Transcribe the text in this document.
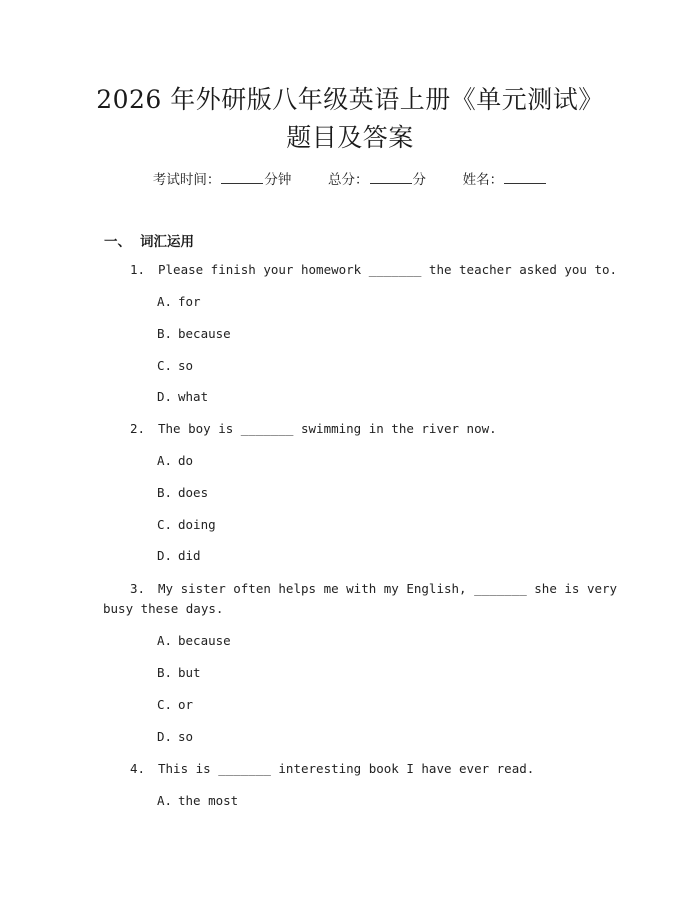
2026 年外研版八年级英语上册《单元测试》
题目及答案
考试时间：	分钟	总分：	分	姓名：
一、 词汇运用
1. Please finish your homework _______ the teacher asked you to.
A. for
B. because
C. so
D. what
2. The boy is _______ swimming in the river now.
A. do
B. does
C. doing
D. did
3. My sister often helps me with my English, _______ she is very
busy these days.
A. because
B. but
C. or
D. so
4. This is _______ interesting book I have ever read.
A. the most
